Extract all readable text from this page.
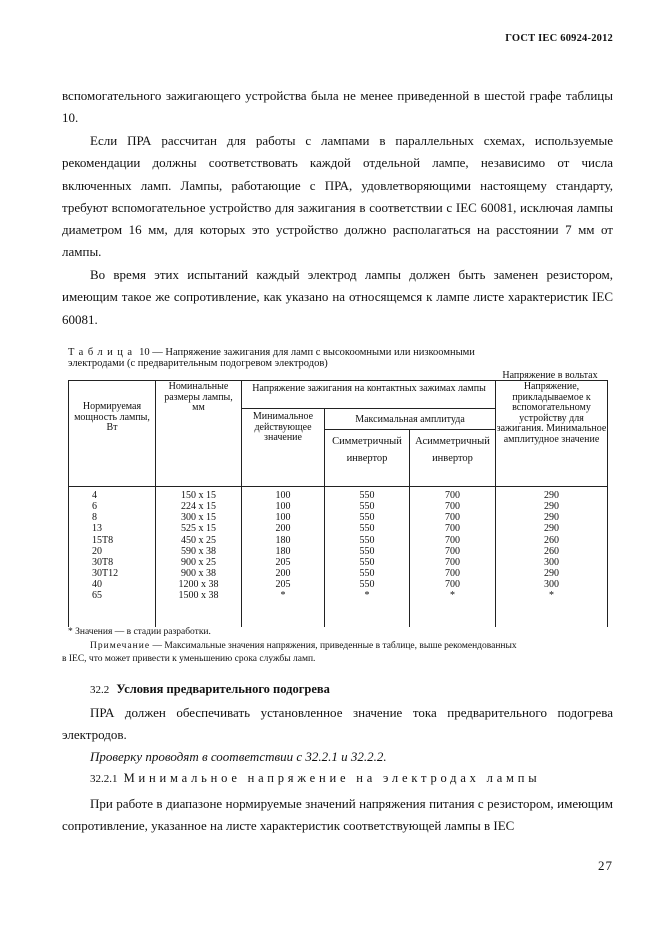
ГОСТ IEC 60924-2012
вспомогательного зажигающего устройства была не менее приведенной в шестой графе таблицы 10.
Если ПРА рассчитан для работы с лампами в параллельных схемах, используемые рекомендации должны соответствовать каждой отдельной лампе, независимо от числа включенных ламп. Лампы, работающие с ПРА, удовлетворяющими настоящему стандарту, требуют вспомогательное устройство для зажигания в соответствии с IEC 60081, исключая лампы диаметром 16 мм, для которых это устройство должно располагаться на расстоянии 7 мм от лампы.
Во время этих испытаний каждый электрод лампы должен быть заменен резистором, имеющим такое же сопротивление, как указано на относящемся к лампе листе характеристик IEC 60081.
Таблица 10 — Напряжение зажигания для ламп с высокоомными или низкоомными
электродами (с предварительным подогревом электродов)
Напряжение в вольтах
Нормируемая мощность лампы, Вт
Номинальные размеры лампы, мм
Напряжение зажигания на контактных зажимах лампы
Минимальное действующее значение
Максимальная амплитуда
Симметричный инвертор
Асимметричный инвертор
Напряжение, прикладываемое к вспомогательному устройству для зажигания. Минимальное амплитудное значение
4
6
8
13
15T8
20
30T8
30T12
40
65
150 x 15
224 x 15
300 x 15
525 x 15
450 x 25
590 x 38
900 x 25
900 x 38
1200 x 38
1500 x 38
100
100
100
200
180
180
205
200
205
*
550
550
550
550
550
550
550
550
550
*
700
700
700
700
700
700
700
700
700
*
290
290
290
290
260
260
300
290
300
*
* Значения — в стадии разработки.
Примечание — Максимальные значения напряжения, приведенные в таблице, выше рекомендованных
в IEC, что может привести к уменьшению срока службы ламп.
32.2 Условия предварительного подогрева
ПРА должен обеспечивать установленное значение тока предварительного подогрева электродов.
Проверку проводят в соответствии с 32.2.1 и 32.2.2.
32.2.1 Минимальное напряжение на электродах лампы
При работе в диапазоне нормируемые значений напряжения питания с резистором, имеющим сопротивление, указанное на листе характеристик соответствующей лампы в IEC
27
